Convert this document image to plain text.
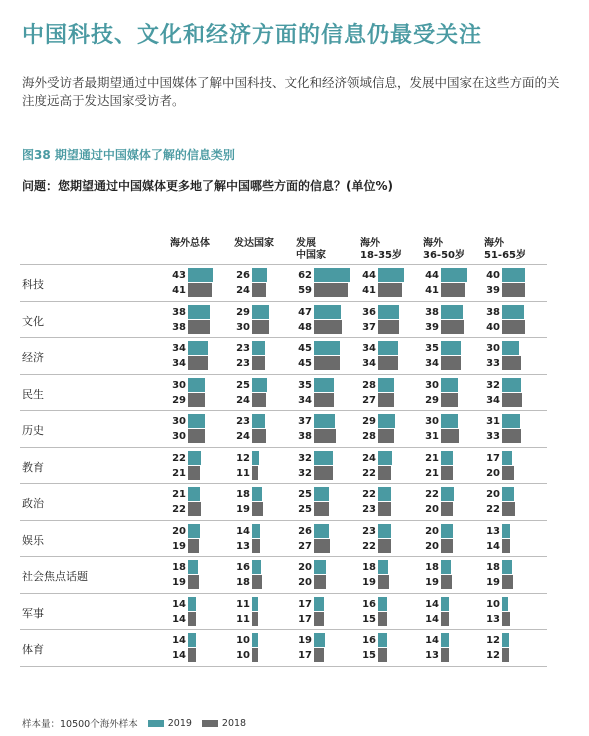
中国科技、文化和经济方面的信息仍最受关注
海外受访者最期望通过中国媒体了解中国科技、文化和经济领域信息，发展中国家在这些方面的关注度远高于发达国家受访者。
图38 期望通过中国媒体了解的信息类别
问题：您期望通过中国媒体更多地了解中国哪些方面的信息？(单位%)
海外总体 发达国家 发展
中国家
海外
18-35岁
海外
36-50岁
海外
51-65岁
科技
43
41
26
24
62
59
44
41
44
41
40
39
文化
38
38
29
30
47
48
36
37
38
39
38
40
经济
34
34
23
23
45
45
34
34
35
34
30
33
民生
30
29
25
24
35
34
28
27
30
29
32
34
历史
30
30
23
24
37
38
29
28
30
31
31
33
教育
22
21
12
11
32
32
24
22
21
21
17
20
政治
21
22
18
19
25
25
22
23
22
20
20
22
娱乐
20
19
14
13
26
27
23
22
20
20
13
14
社会焦点话题
18
19
16
18
20
20
18
19
18
19
18
19
军事
14
14
11
11
17
17
16
15
14
14
10
13
体育
14
14
10
10
19
17
16
15
14
13
12
12
样本量：10500个海外样本	2019	2018
